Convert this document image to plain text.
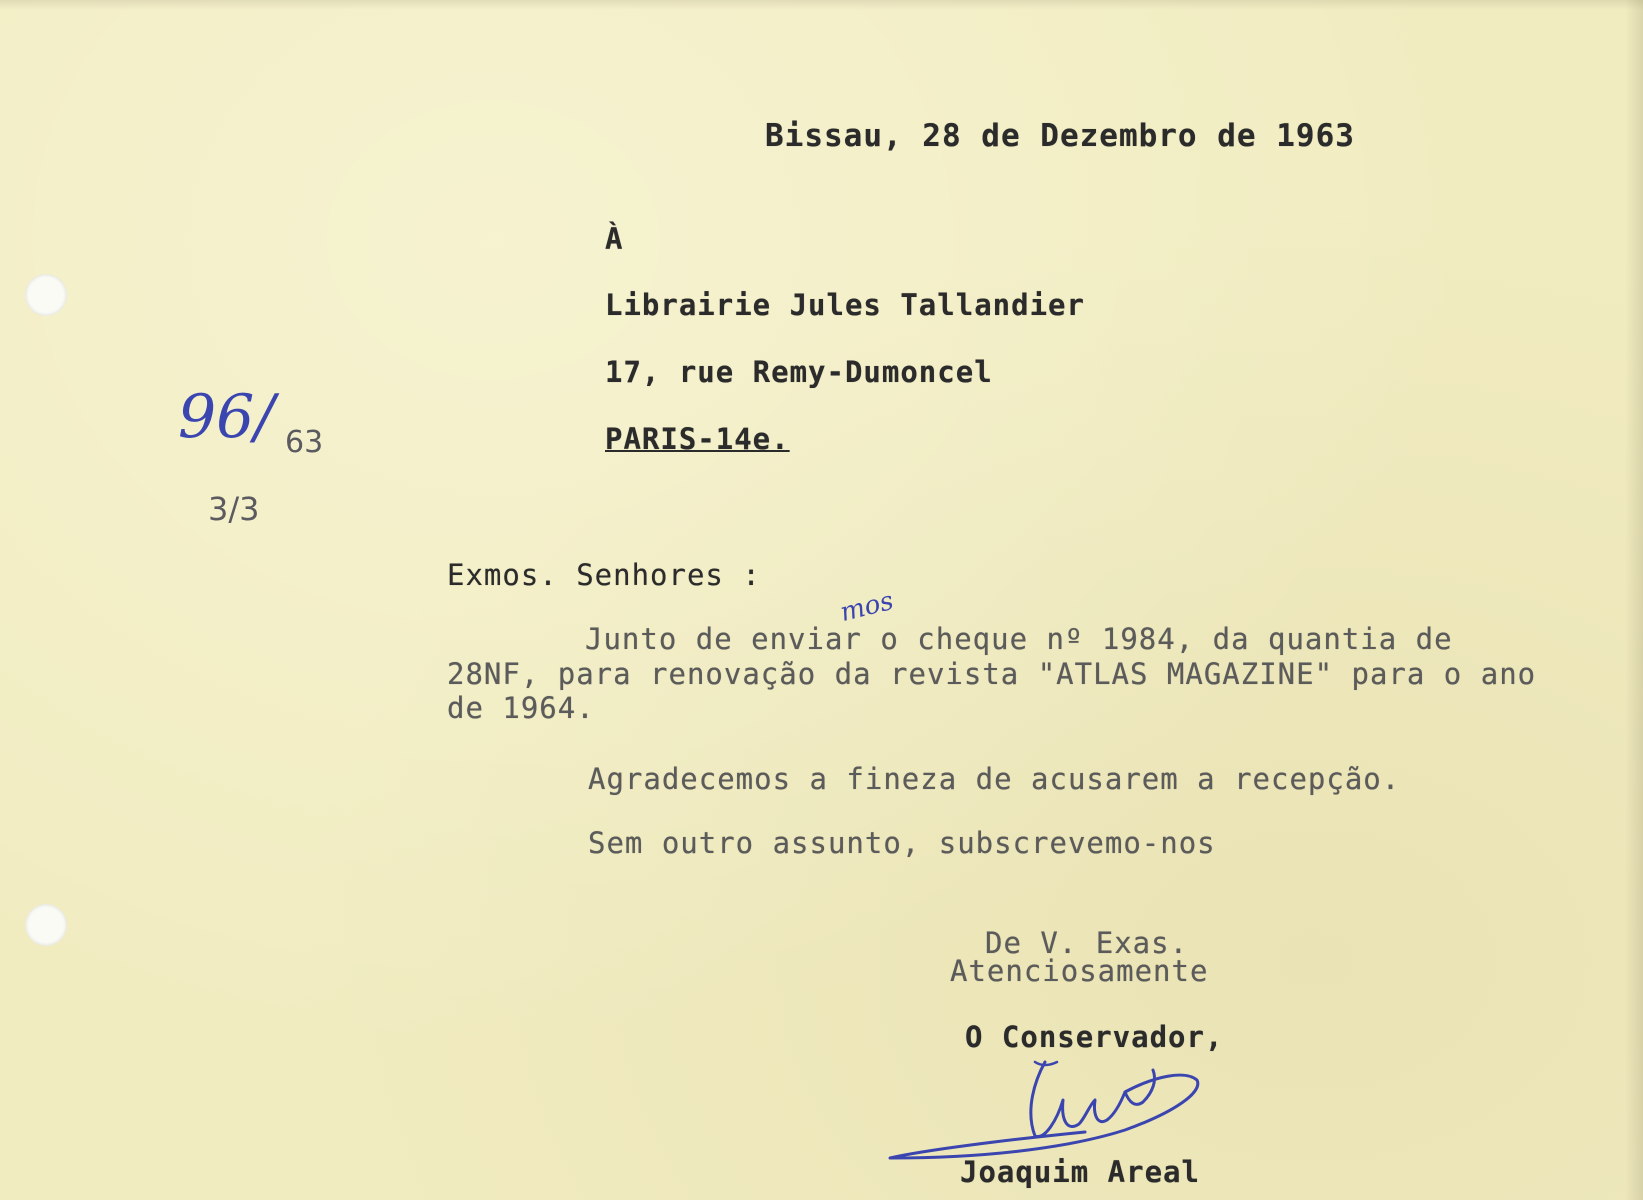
Bissau, 28 de Dezembro de 1963
À
Librairie Jules Tallandier
17, rue Remy-Dumoncel
PARIS-14e.
96/ 63
3/3
Exmos. Senhores :
mos
Junto de enviar o cheque nº 1984, da quantia de
28NF, para renovação da revista "ATLAS MAGAZINE" para o ano
de 1964.
Agradecemos a fineza de acusarem a recepção.
Sem outro assunto, subscrevemo-nos
De V. Exas.
Atenciosamente
O Conservador,
Joaquim Areal
